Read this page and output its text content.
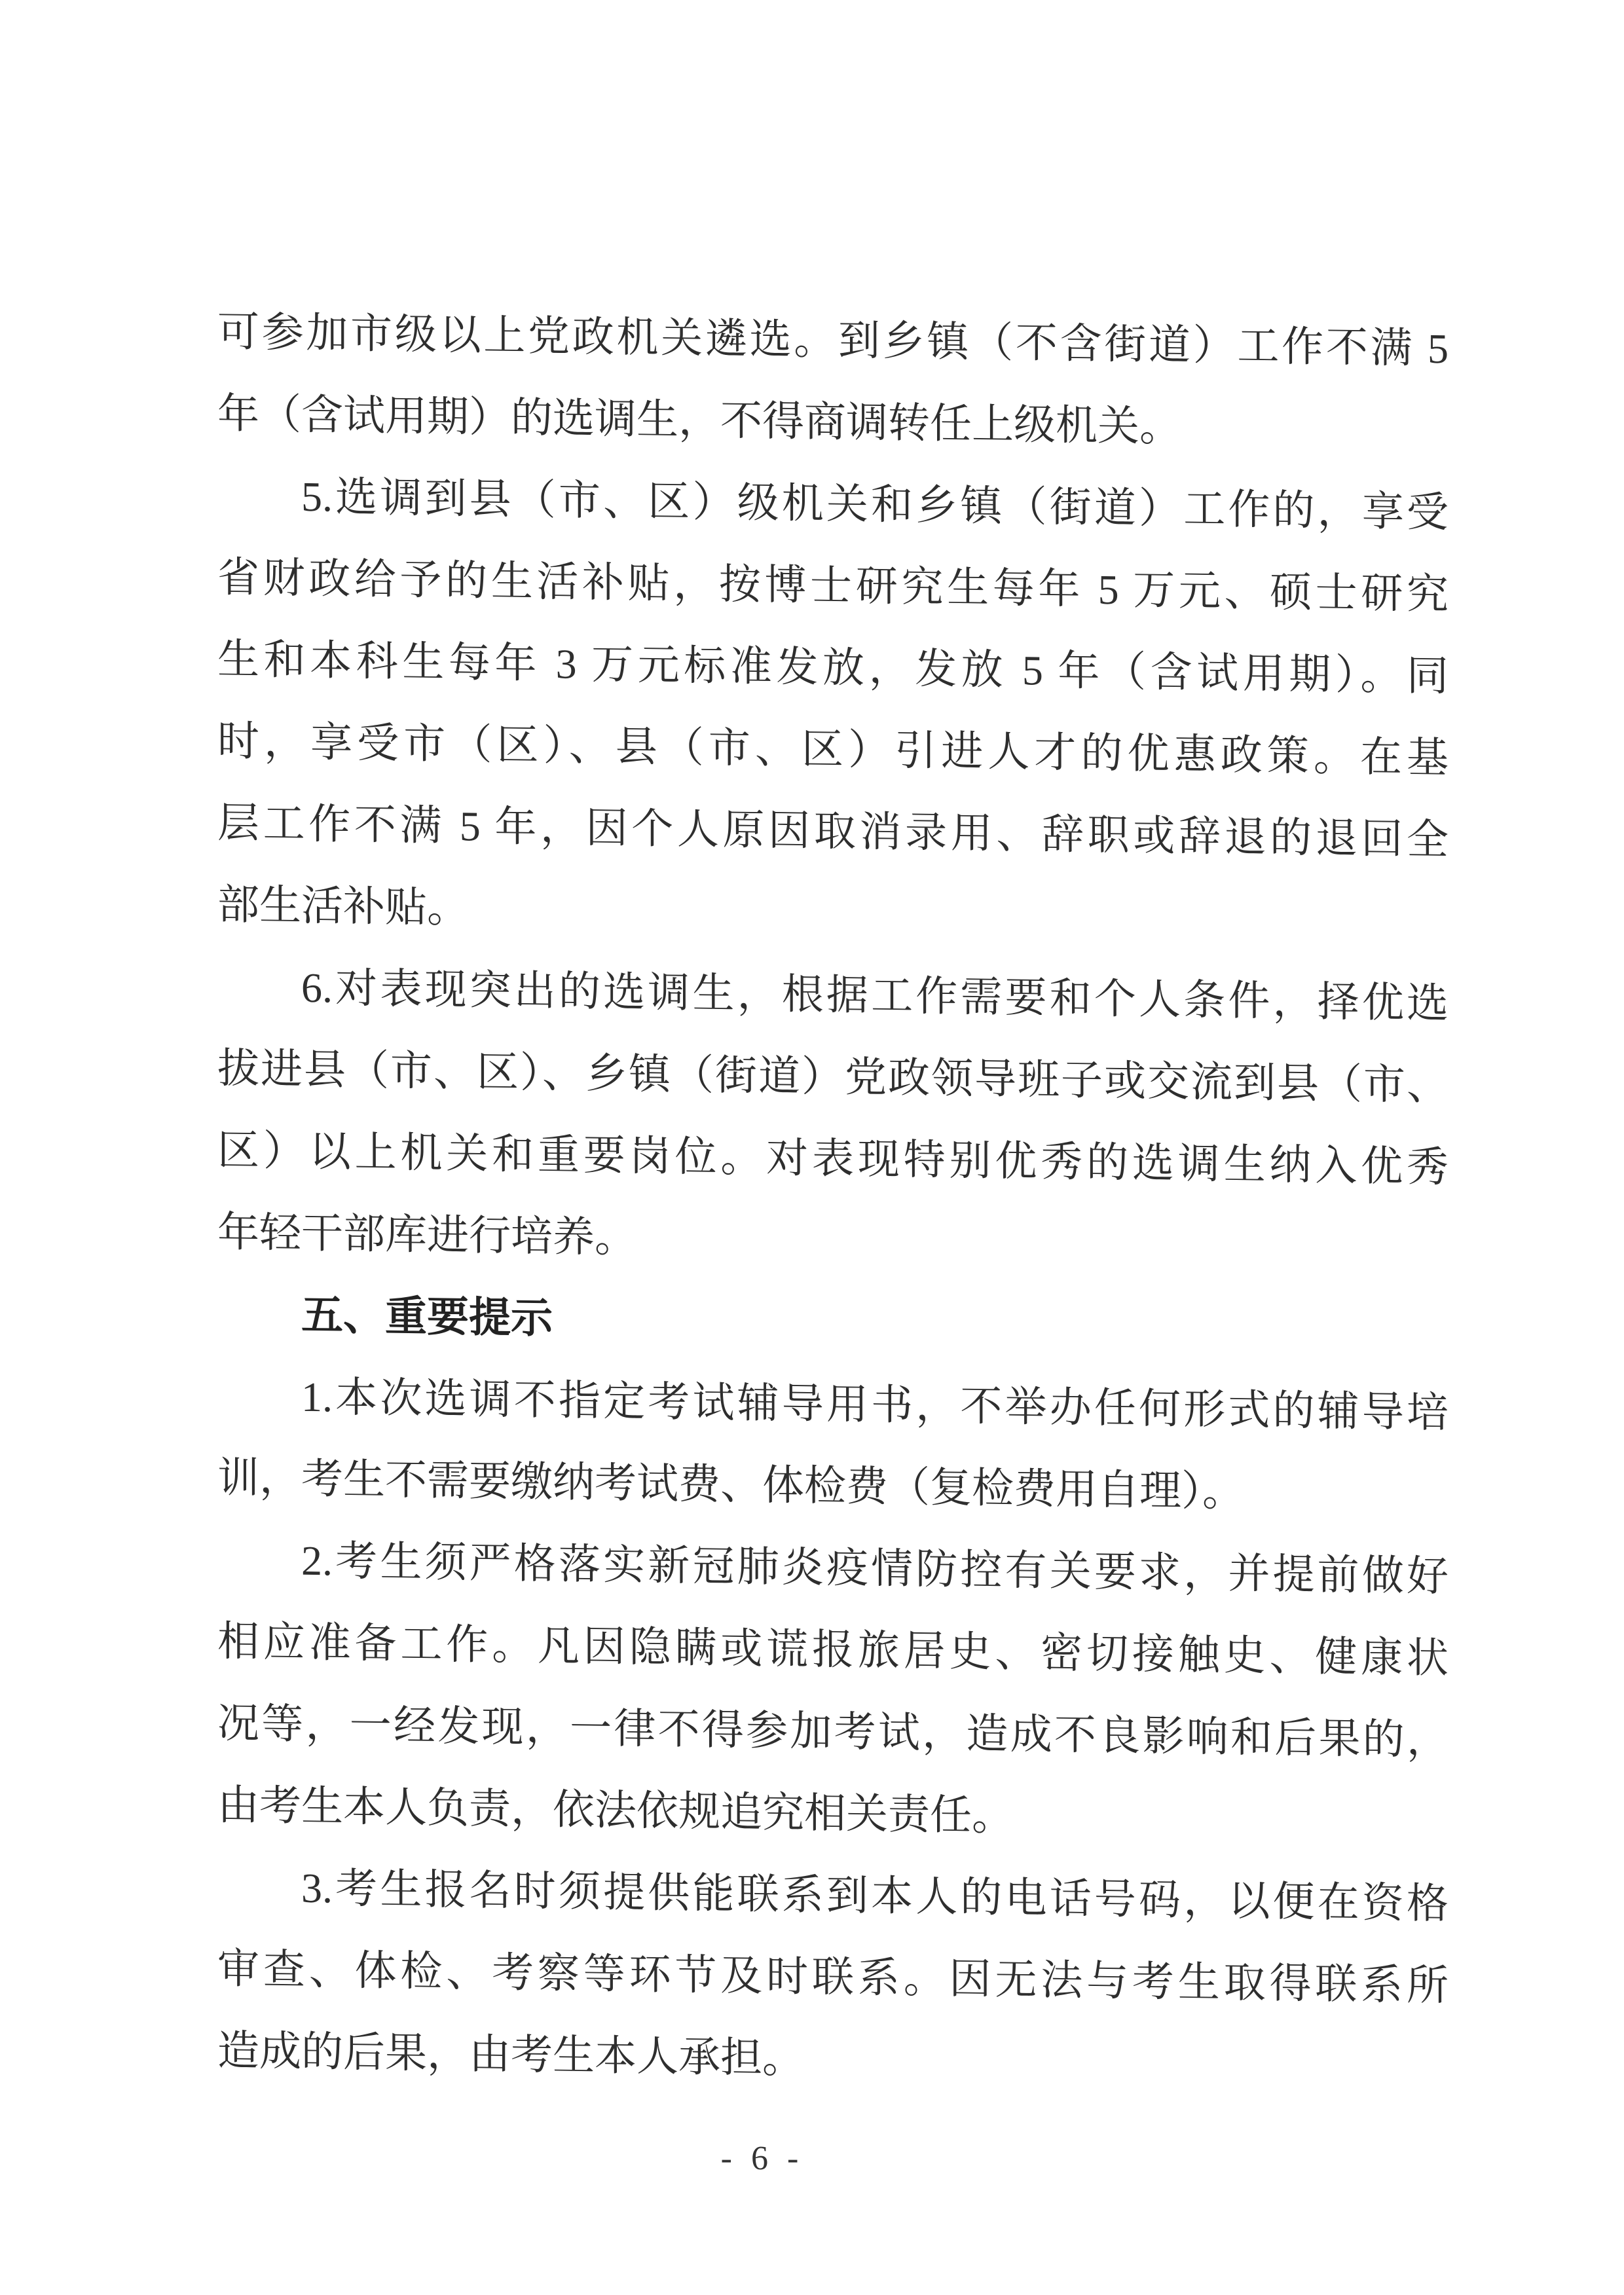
可参加市级以上党政机关遴选。到乡镇（不含街道）工作不满 5
年（含试用期）的选调生，不得商调转任上级机关。
5.选调到县（市、区）级机关和乡镇（街道）工作的，享受
省财政给予的生活补贴，按博士研究生每年 5 万元、硕士研究
生和本科生每年 3 万元标准发放，发放 5 年（含试用期）。同
时，享受市（区）、县（市、区）引进人才的优惠政策。在基
层工作不满 5 年，因个人原因取消录用、辞职或辞退的退回全
部生活补贴。
6.对表现突出的选调生，根据工作需要和个人条件，择优选
拔进县（市、区）、乡镇（街道）党政领导班子或交流到县（市、
区）以上机关和重要岗位。对表现特别优秀的选调生纳入优秀
年轻干部库进行培养。
五、重要提示
1.本次选调不指定考试辅导用书，不举办任何形式的辅导培
训，考生不需要缴纳考试费、体检费（复检费用自理）。
2.考生须严格落实新冠肺炎疫情防控有关要求，并提前做好
相应准备工作。凡因隐瞒或谎报旅居史、密切接触史、健康状
况等，一经发现，一律不得参加考试，造成不良影响和后果的，
由考生本人负责，依法依规追究相关责任。
3.考生报名时须提供能联系到本人的电话号码，以便在资格
审查、体检、考察等环节及时联系。因无法与考生取得联系所
造成的后果，由考生本人承担。
- 6 -
